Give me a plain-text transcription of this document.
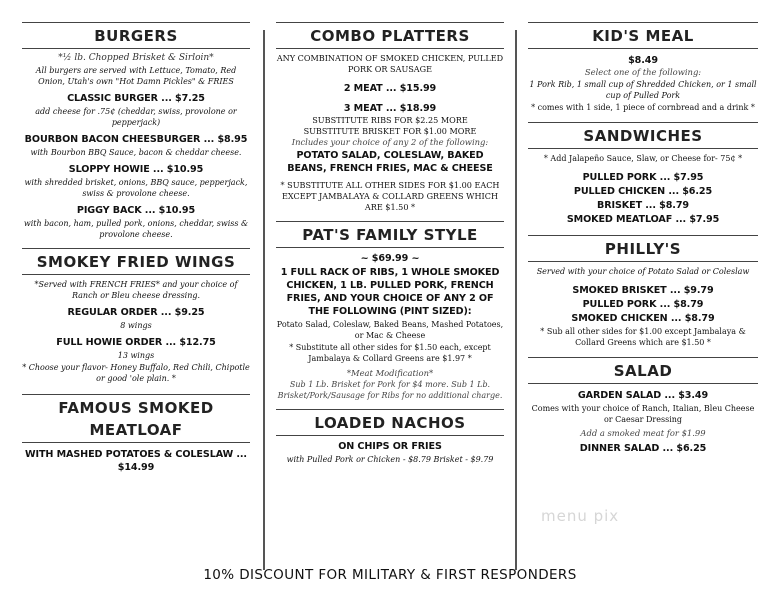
BURGERS
*½ lb. Chopped Brisket & Sirloin*
All burgers are served with Lettuce, Tomato, Red Onion, Utah's own "Hot Damn Pickles" & FRIES
CLASSIC BURGER ... $7.25
add cheese for .75¢ (cheddar, swiss, provolone or pepperjack)
BOURBON BACON CHEESBURGER ... $8.95
with Bourbon BBQ Sauce, bacon & cheddar cheese.
SLOPPY HOWIE ... $10.95
with shredded brisket, onions, BBQ sauce, pepperjack, swiss & provolone cheese.
PIGGY BACK ... $10.95
with bacon, ham, pulled pork, onions, cheddar, swiss & provolone cheese.
SMOKEY FRIED WINGS
*Served with FRENCH FRIES* and your choice of Ranch or Bleu cheese dressing.
REGULAR ORDER ... $9.25
8 wings
FULL HOWIE ORDER ... $12.75
13 wings
* Choose your flavor- Honey Buffalo, Red Chili, Chipotle or good 'ole plain. *
FAMOUS SMOKED MEATLOAF
WITH MASHED POTATOES & COLESLAW ... $14.99
COMBO PLATTERS
ANY COMBINATION OF SMOKED CHICKEN, PULLED PORK OR SAUSAGE
2 MEAT ... $15.99
3 MEAT ... $18.99
SUBSTITUTE RIBS FOR $2.25 MORE
SUBSTITUTE BRISKET FOR $1.00 MORE
Includes your choice of any 2 of the following:
POTATO SALAD, COLESLAW, BAKED BEANS, FRENCH FRIES, MAC & CHEESE
* SUBSTITUTE ALL OTHER SIDES FOR $1.00 EACH EXCEPT JAMBALAYA & COLLARD GREENS WHICH ARE $1.50 *
PAT'S FAMILY STYLE
~ $69.99 ~
1 FULL RACK OF RIBS, 1 WHOLE SMOKED CHICKEN, 1 LB. PULLED PORK, FRENCH FRIES, AND YOUR CHOICE OF ANY 2 OF THE FOLLOWING (PINT SIZED):
Potato Salad, Coleslaw, Baked Beans, Mashed Potatoes, or Mac & Cheese
* Substitute all other sides for $1.50 each, except Jambalaya & Collard Greens are $1.97 *
*Meat Modification*
Sub 1 Lb. Brisket for Pork for $4 more. Sub 1 Lb. Brisket/Pork/Sausage for Ribs for no additional charge.
LOADED NACHOS
ON CHIPS OR FRIES
with Pulled Pork or Chicken - $8.79 Brisket - $9.79
KID'S MEAL
$8.49
Select one of the following:
1 Pork Rib, 1 small cup of Shredded Chicken, or 1 small cup of Pulled Pork
* comes with 1 side, 1 piece of cornbread and a drink *
SANDWICHES
* Add Jalapeño Sauce, Slaw, or Cheese for- 75¢ *
PULLED PORK ... $7.95
PULLED CHICKEN ... $6.25
BRISKET ... $8.79
SMOKED MEATLOAF ... $7.95
PHILLY'S
Served with your choice of Potato Salad or Coleslaw
SMOKED BRISKET ... $9.79
PULLED PORK ... $8.79
SMOKED CHICKEN ... $8.79
* Sub all other sides for $1.00 except Jambalaya & Collard Greens which are $1.50 *
SALAD
GARDEN SALAD ... $3.49
Comes with your choice of Ranch, Italian, Bleu Cheese or Caesar Dressing
Add a smoked meat for $1.99
DINNER SALAD ... $6.25
menu pix
10% DISCOUNT FOR MILITARY & FIRST RESPONDERS
